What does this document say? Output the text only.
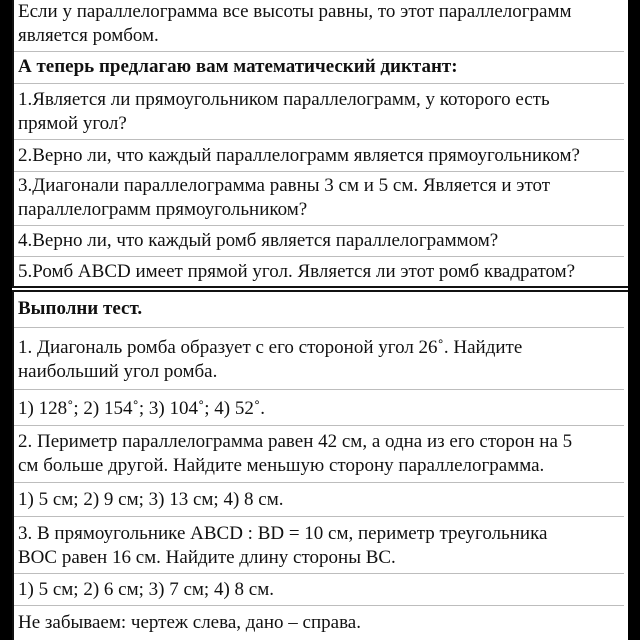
Если у параллелограмма все высоты равны, то этот параллелограмм

является ромбом.

А теперь предлагаю вам математический диктант:

1.Является ли прямоугольником параллелограмм, у которого есть

прямой угол?

2.Верно ли, что каждый параллелограмм является прямоугольником?

3.Диагонали параллелограмма равны 3 см и 5 см. Является и этот

параллелограмм прямоугольником?

4.Верно ли, что каждый ромб является параллелограммом?

5.Ромб ABCD имеет прямой угол. Является ли этот ромб квадратом?

Выполни тест.

1. Диагональ ромба образует с его стороной угол 26˚. Найдите

наибольший угол ромба.

1) 128˚; 2) 154˚; 3) 104˚; 4) 52˚.

2. Периметр параллелограмма равен 42 см, а одна из его сторон на 5

см больше другой. Найдите меньшую сторону параллелограмма.

1) 5 см; 2) 9 см; 3) 13 см; 4) 8 см.

3. В прямоугольнике ABCD : BD = 10 см, периметр треугольника

BOC равен 16 см. Найдите длину стороны BC.

1) 5 см; 2) 6 см; 3) 7 см; 4) 8 см.

Не забываем: чертеж слева, дано – справа.
